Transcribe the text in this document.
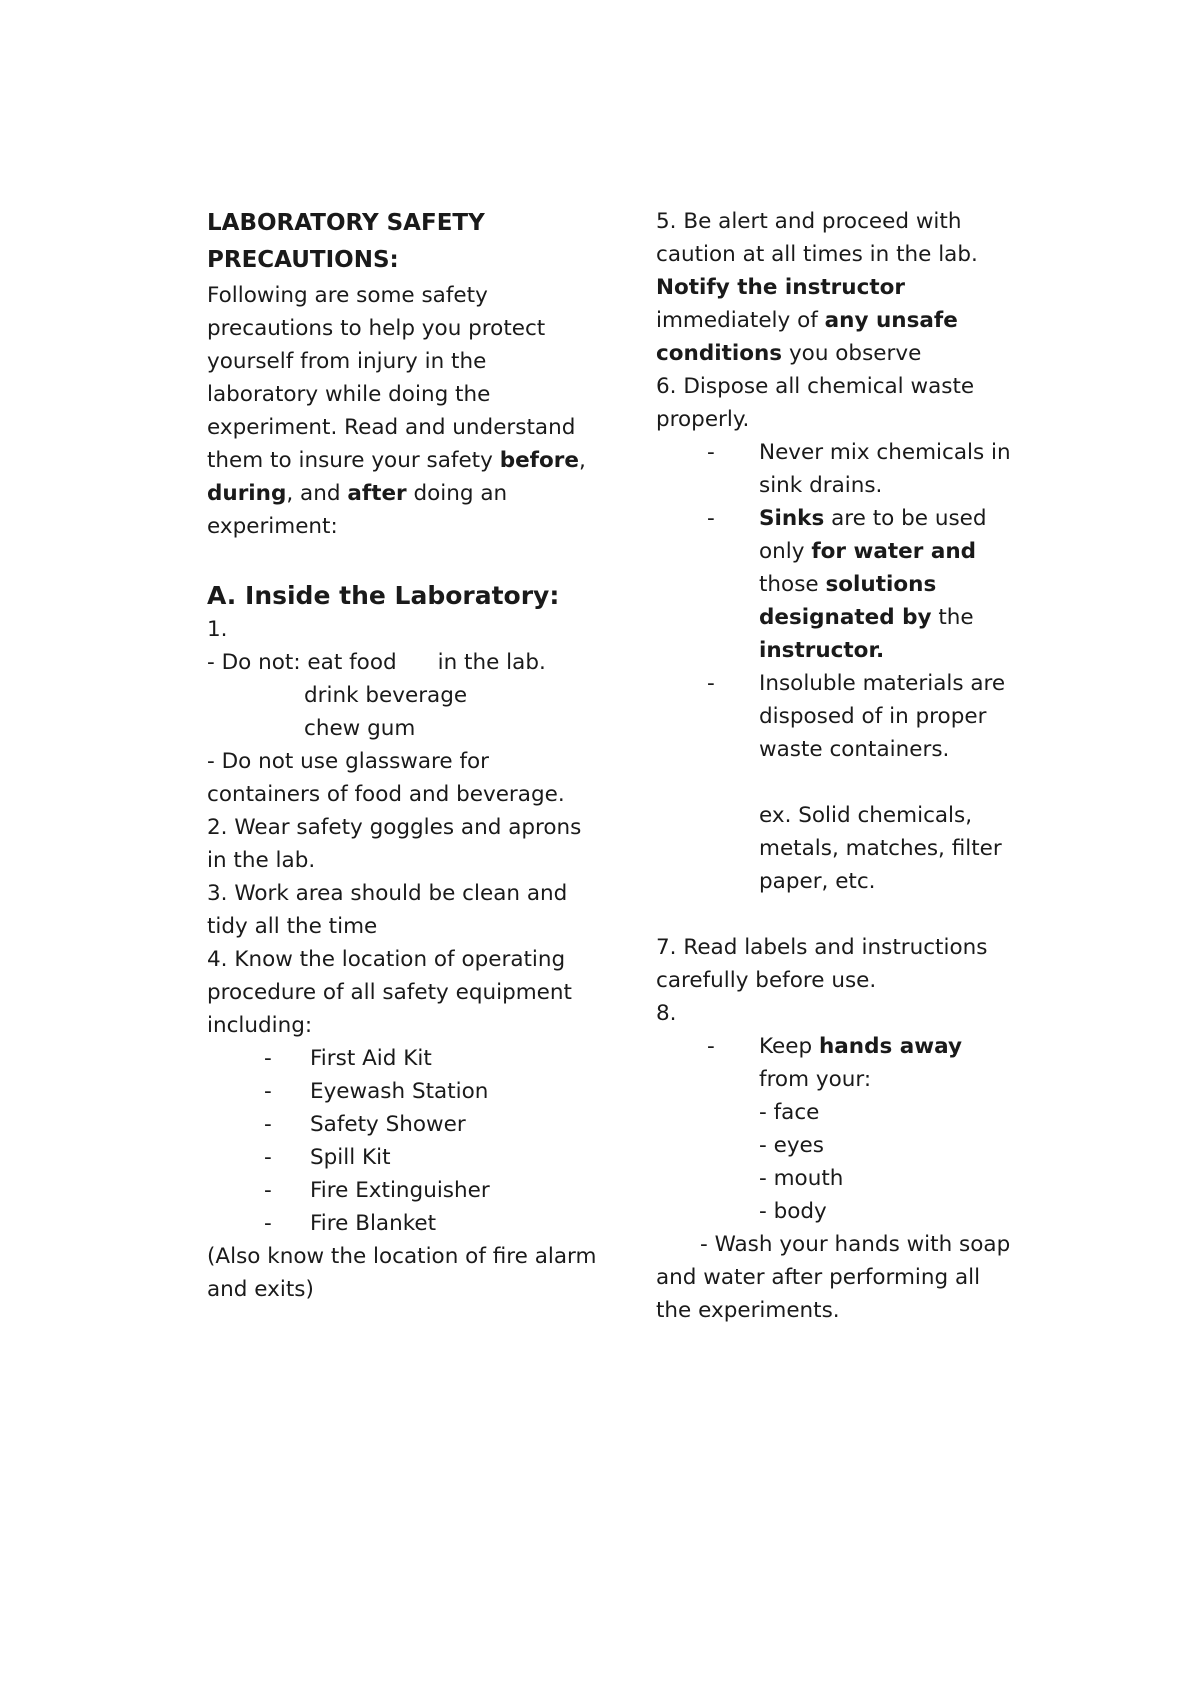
LABORATORY SAFETY
PRECAUTIONS:

Following are some safety precautions to help you protect yourself from injury in the laboratory while doing the experiment. Read and understand them to insure your safety before, during, and after doing an experiment:

A. Inside the Laboratory:
1.
- Do not: eat food      in the lab.
drink beverage
chew gum
- Do not use glassware for containers of food and beverage.
2. Wear safety goggles and aprons in the lab.
3. Work area should be clean and tidy all the time
4. Know the location of operating procedure of all safety equipment including:
- First Aid Kit
- Eyewash Station
- Safety Shower
- Spill Kit
- Fire Extinguisher
- Fire Blanket
(Also know the location of fire alarm and exits)
5. Be alert and proceed with caution at all times in the lab. Notify the instructor immediately of any unsafe conditions you observe
6. Dispose all chemical waste properly.
- Never mix chemicals in sink drains.
- Sinks are to be used only for water and those solutions designated by the instructor.
- Insoluble materials are disposed of in proper waste containers.
ex. Solid chemicals, metals, matches, filter paper, etc.
7. Read labels and instructions carefully before use.
8.
- Keep hands away from your:
- face
- eyes
- mouth
- body
- Wash your hands with soap and water after performing all the experiments.
